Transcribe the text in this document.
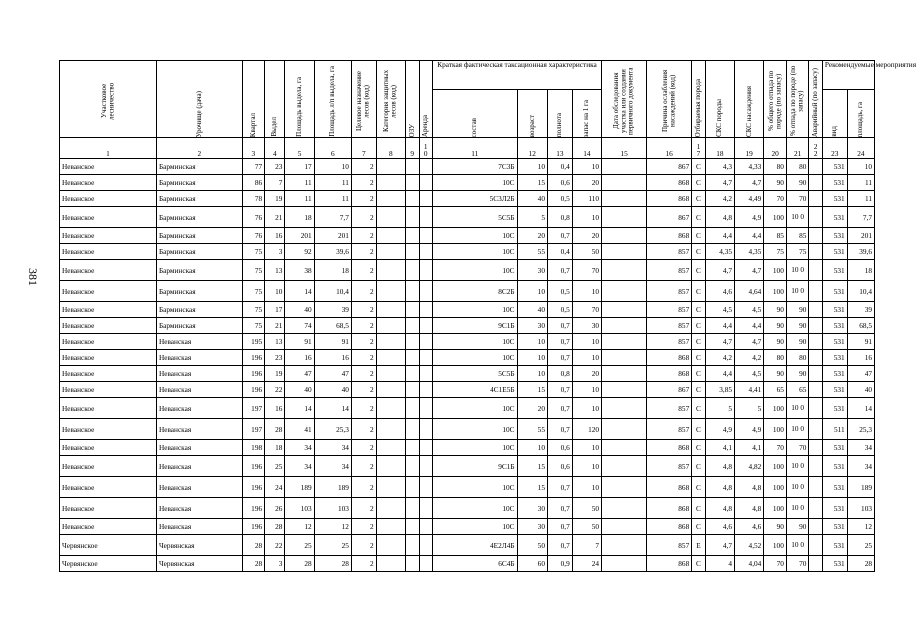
381
Участковое лесничество	Урочище (дача)	Квартал	Выдел	Площадь выдела, га	Площадь л/п выдела, га	Целевое назначение лесов (код)	Категория защитных лесов (код)	ОЗУ	Аренда	Краткая фактическая таксационная характеристика				Дата обследования участка или создания первичного документа	Причина ослабления насаждений (код)	Отбираемая порода	СКС породы	СКС насаждения	% общего отпада по породе (по запасу)	% отпада по породе (по запасу)	Аварийный (по запасу)	Рекомендуемые мероприятия	

										состав	возраст	полнота	запас на 1 га									вид	площадь, га

1	2	3	4	5	6	7	8	9	1 0	11	12	13	14	15	16	1 7	18	19	20	21	2 2	23	24
Неванское	Барминская	77	23	17	10	2				7С3Б	10	0,4	10		867	С	4,3	4,33	80	80		531	10
Неванское	Барминская	86	7	11	11	2				10С	15	0,6	20		868	С	4,7	4,7	90	90		531	11
Неванское	Барминская	78	19	11	11	2				5С3Л2Б	40	0,5	110		868	С	4,2	4,49	70	70		531	11
Неванское	Барминская	76	21	18	7,7	2				5С5Б	5	0,8	10		867	С	4,8	4,9	100	10 0		531	7,7
Неванское	Барминская	76	16	201	201	2				10С	20	0,7	20		868	С	4,4	4,4	85	85		531	201
Неванское	Барминская	75	3	92	39,6	2				10С	55	0,4	50		857	С	4,35	4,35	75	75		531	39,6
Неванское	Барминская	75	13	38	18	2				10С	30	0,7	70		857	С	4,7	4,7	100	10 0		531	18
Неванское	Барминская	75	10	14	10,4	2				8С2Б	10	0,5	10		857	С	4,6	4,64	100	10 0		531	10,4
Неванское	Барминская	75	17	40	39	2				10С	40	0,5	70		857	С	4,5	4,5	90	90		531	39
Неванское	Барминская	75	21	74	68,5	2				9С1Б	30	0,7	30		857	С	4,4	4,4	90	90		531	68,5
Неванское	Неванская	195	13	91	91	2				10С	10	0,7	10		857	С	4,7	4,7	90	90		531	91
Неванское	Неванская	196	23	16	16	2				10С	10	0,7	10		868	С	4,2	4,2	80	80		531	16
Неванское	Неванская	196	19	47	47	2				5С5Б	10	0,8	20		868	С	4,4	4,5	90	90		531	47
Неванское	Неванская	196	22	40	40	2				4С1Е5Б	15	0,7	10		867	С	3,85	4,41	65	65		531	40
Неванское	Неванская	197	16	14	14	2				10С	20	0,7	10		857	С	5	5	100	10 0		531	14
Неванское	Неванская	197	28	41	25,3	2				10С	55	0,7	120		857	С	4,9	4,9	100	10 0		511	25,3
Неванское	Неванская	198	18	34	34	2				10С	10	0,6	10		868	С	4,1	4,1	70	70		531	34
Неванское	Неванская	196	25	34	34	2				9С1Б	15	0,6	10		857	С	4,8	4,82	100	10 0		531	34
Неванское	Неванская	196	24	189	189	2				10С	15	0,7	10		868	С	4,8	4,8	100	10 0		531	189
Неванское	Неванская	196	26	103	103	2				10С	30	0,7	50		868	С	4,8	4,8	100	10 0		531	103
Неванское	Неванская	196	28	12	12	2				10С	30	0,7	50		868	С	4,6	4,6	90	90		531	12
Червянское	Червянская	28	22	25	25	2				4Е2Л4Б	50	0,7	7		857	Е	4,7	4,52	100	10 0		531	25
Червянское	Червянская	28	3	28	28	2				6С4Б	60	0,9	24		868	С	4	4,04	70	70		531	28
